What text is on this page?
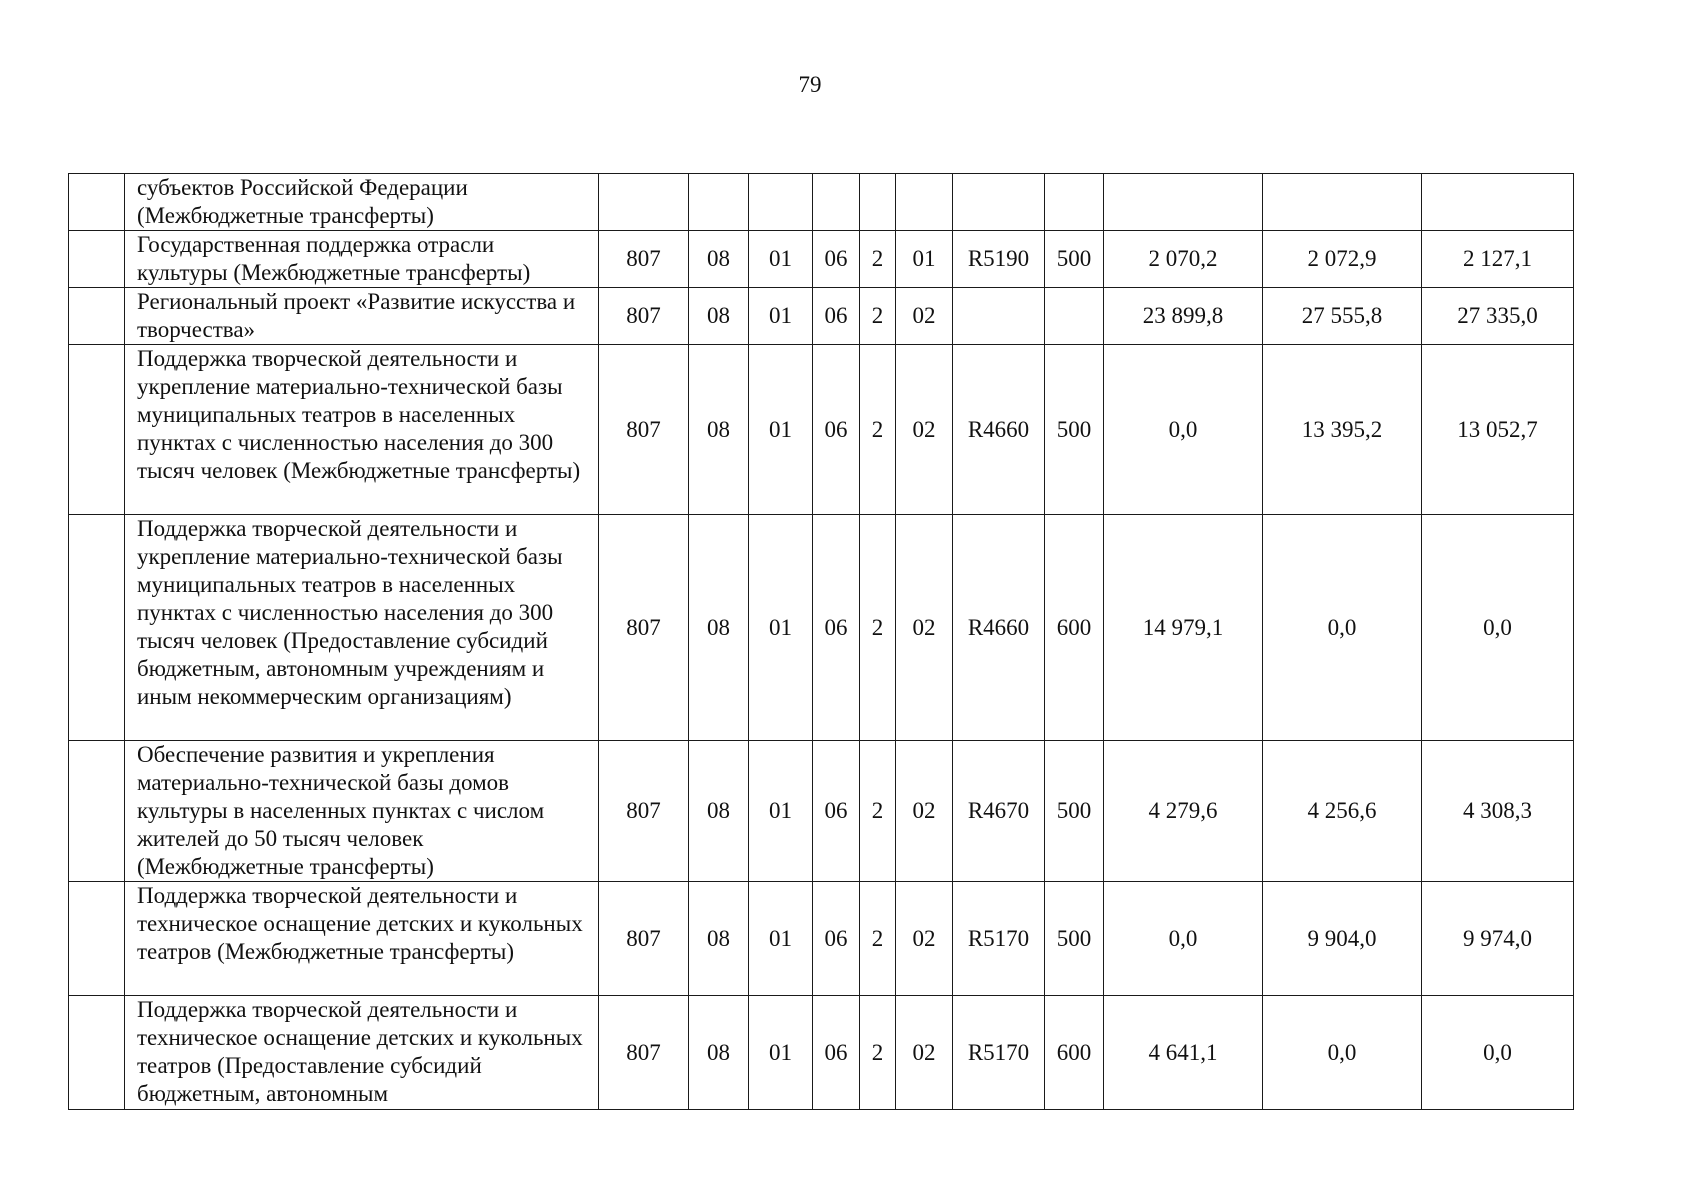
79
	субъектов Российской Федерации (Межбюджетные трансферты)											
	Государственная поддержка отрасли культуры (Межбюджетные трансферты)	807	08	01	06	2	01	R5190	500	2 070,2	2 072,9	2 127,1
	Региональный проект «Развитие искусства и творчества»	807	08	01	06	2	02			23 899,8	27 555,8	27 335,0
	Поддержка творческой деятельности и укрепление материально-технической базы муниципальных театров в населенных пунктах с численностью населения до 300 тысяч человек (Межбюджетные трансферты)	807	08	01	06	2	02	R4660	500	0,0	13 395,2	13 052,7
	Поддержка творческой деятельности и укрепление материально-технической базы муниципальных театров в населенных пунктах с численностью населения до 300 тысяч человек (Предоставление субсидий бюджетным, автономным учреждениям и иным некоммерческим организациям)	807	08	01	06	2	02	R4660	600	14 979,1	0,0	0,0
	Обеспечение развития и укрепления материально-технической базы домов культуры в населенных пунктах с числом жителей до 50 тысяч человек (Межбюджетные трансферты)	807	08	01	06	2	02	R4670	500	4 279,6	4 256,6	4 308,3
	Поддержка творческой деятельности и техническое оснащение детских и кукольных театров (Межбюджетные трансферты)	807	08	01	06	2	02	R5170	500	0,0	9 904,0	9 974,0
	Поддержка творческой деятельности и техническое оснащение детских и кукольных театров (Предоставление субсидий бюджетным, автономным	807	08	01	06	2	02	R5170	600	4 641,1	0,0	0,0
